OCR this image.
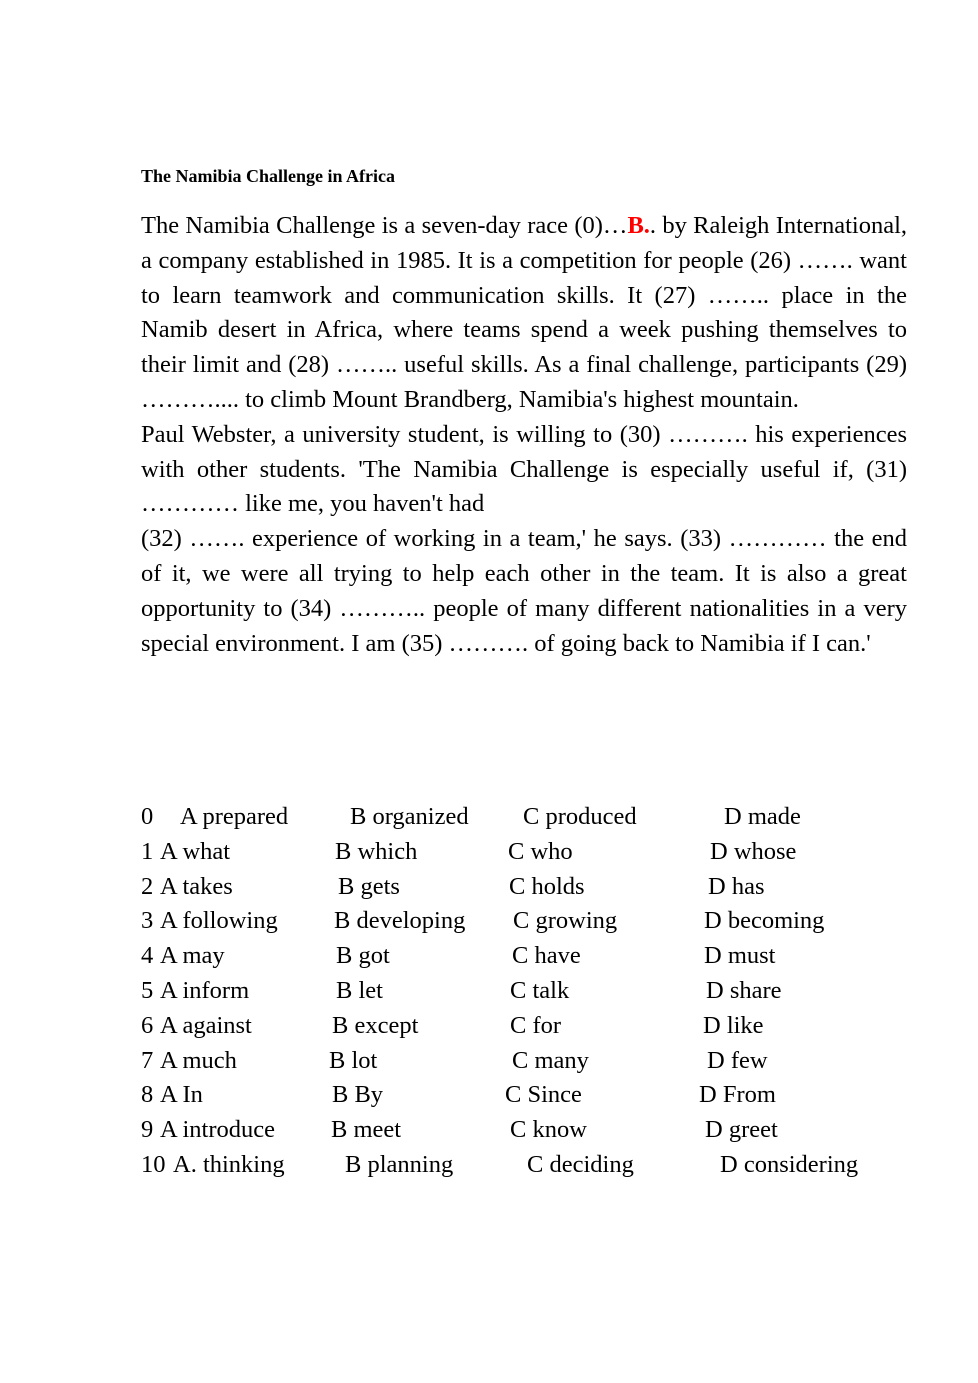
The Namibia Challenge in Africa

The Namibia Challenge is a seven-day race (0)…B.. by Raleigh International, a company established in 1985. It is a competition for people (26) ……. want to learn teamwork and communication skills. It (27) …….. place in the Namib desert in Africa, where teams spend a week pushing themselves to their limit and (28) …….. useful skills. As a final challenge, participants (29) ……….... to climb Mount Brandberg, Namibia's highest mountain.

Paul Webster, a university student, is willing to (30) ………. his experiences with other students. 'The Namibia Challenge is especially useful if, (31) ………… like me, you haven't had

(32) ……. experience of working in a team,' he says. (33) ………… the end of it, we were all trying to help each other in the team. It is also a great opportunity to (34) ……….. people of many different nationalities in a very special environment. I am (35) ………. of going back to Namibia if I can.'

0 A prepared	B organized C produced	D made
1 A what	B which	C who	D whose
2 A takes	B gets	C holds	D has
3 A following B developing C growing	D becoming
4 A may	B got	C have	D must
5 A inform	B let	C talk	D share
6 A against	B except	C for	D like
7 A much	B lot	C many	D few
8 A In	B By	C Since	D From
9 A introduce B meet	C know	D greet
10 A. thinking B planning	C deciding	D considering
